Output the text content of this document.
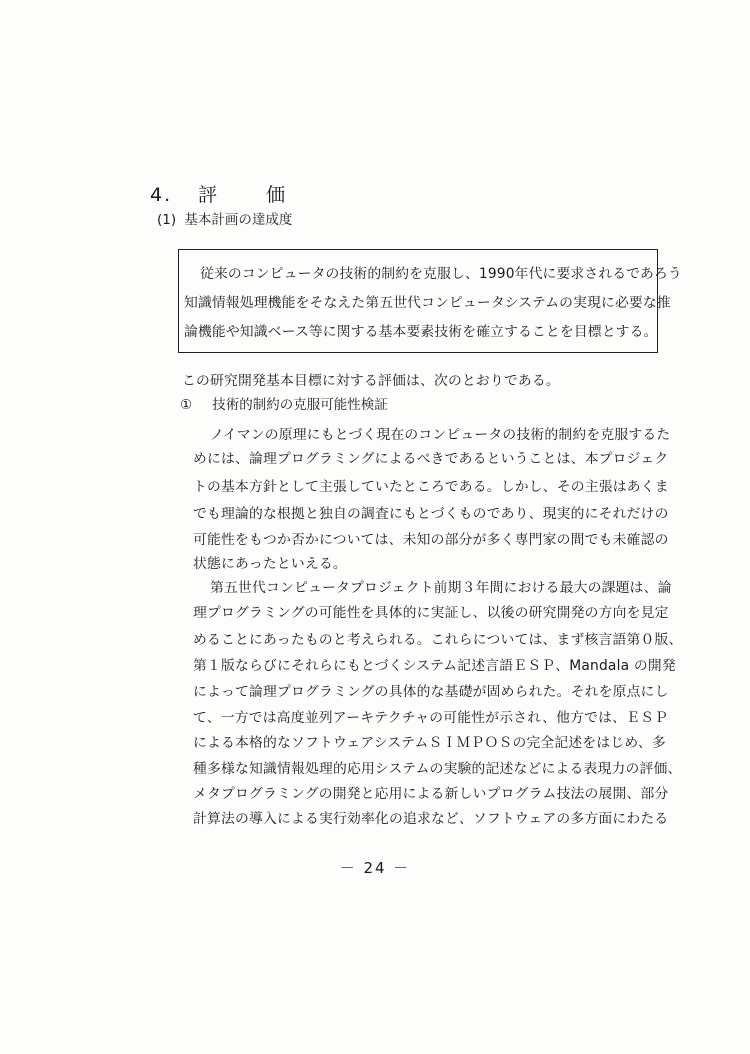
4. 評 価
(1) 基本計画の達成度
従来のコンピュータの技術的制約を克服し、1990年代に要求されるであろう
知識情報処理機能をそなえた第五世代コンピュータシステムの実現に必要な推
論機能や知識ベース等に関する基本要素技術を確立することを目標とする。
この研究開発基本目標に対する評価は、次のとおりである。
① 技術的制約の克服可能性検証
ノイマンの原理にもとづく現在のコンピュータの技術的制約を克服するた
めには、論理プログラミングによるべきであるということは、本プロジェク
トの基本方針として主張していたところである。しかし、その主張はあくま
でも理論的な根拠と独自の調査にもとづくものであり、現実的にそれだけの
可能性をもつか否かについては、未知の部分が多く専門家の間でも未確認の
状態にあったといえる。
第五世代コンピュータプロジェクト前期３年間における最大の課題は、論
理プログラミングの可能性を具体的に実証し、以後の研究開発の方向を見定
めることにあったものと考えられる。これらについては、まず核言語第０版、
第１版ならびにそれらにもとづくシステム記述言語ＥＳＰ、Mandala の開発
によって論理プログラミングの具体的な基礎が固められた。それを原点にし
て、一方では高度並列アーキテクチャの可能性が示され、他方では、ＥＳＰ
による本格的なソフトウェアシステムＳＩＭＰＯＳの完全記述をはじめ、多
種多様な知識情報処理的応用システムの実験的記述などによる表現力の評価、
メタプログラミングの開発と応用による新しいプログラム技法の展開、部分
計算法の導入による実行効率化の追求など、ソフトウェアの多方面にわたる
－ 24 －
